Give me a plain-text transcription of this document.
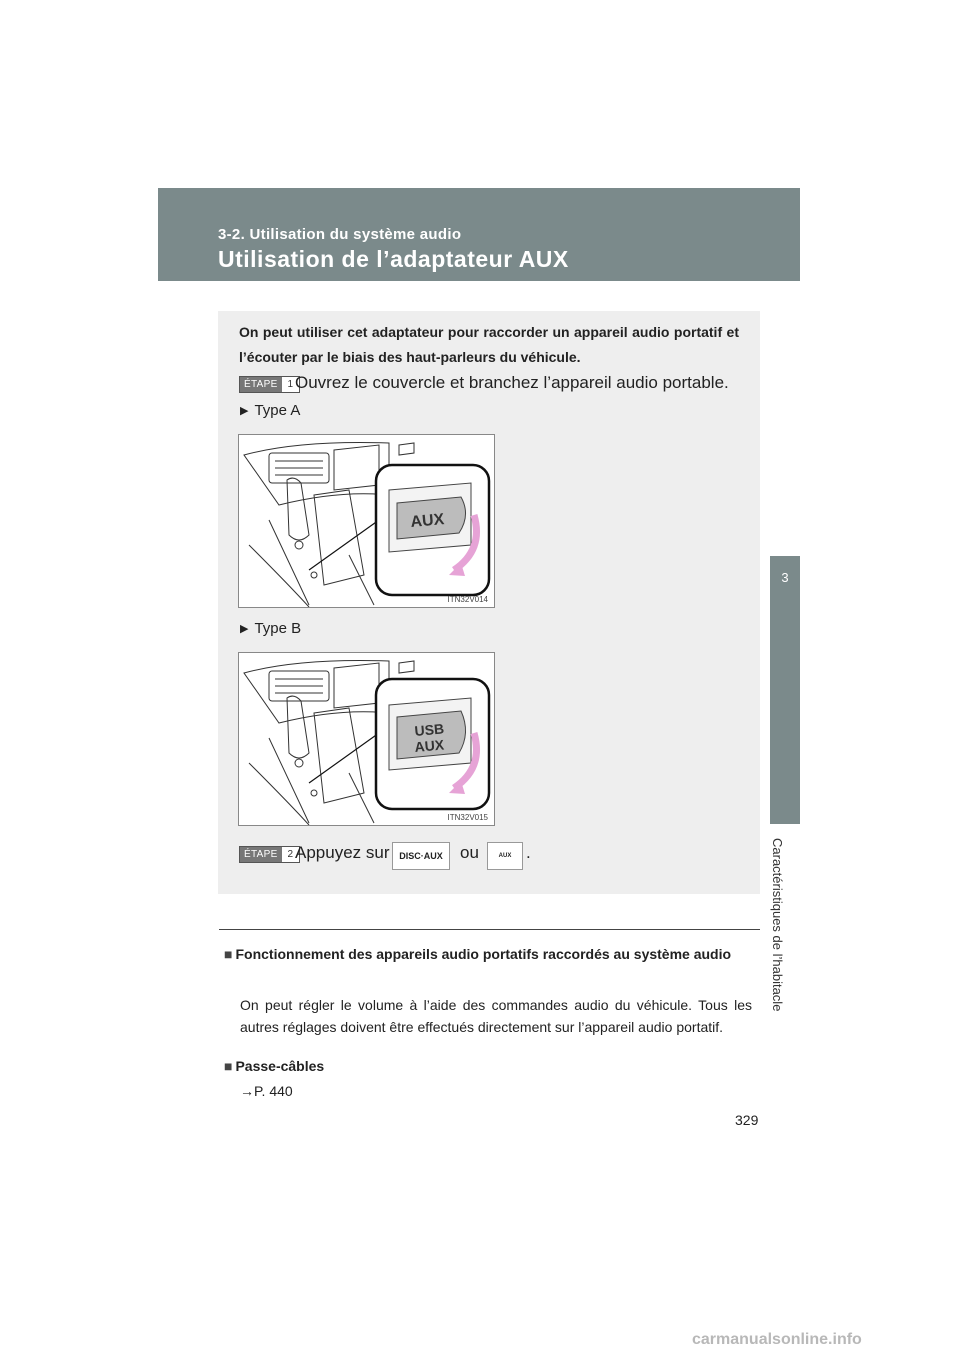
3-2. Utilisation du système audio
Utilisation de l’adaptateur AUX
3
Caractéristiques de l’habitacle
On peut utiliser cet adaptateur pour raccorder un appareil audio portatif et l’écouter par le biais des haut-parleurs du véhicule.
ÉTAPE	1 Ouvrez le couvercle et branchez l’appareil audio portable.
▶ Type A
AUX
ITN32V014
▶ Type B
USB
AUX
ITN32V015
ÉTAPE	2 Appuyez sur DISC·AUX ou	AUX .
■ Fonctionnement des appareils audio portatifs raccordés au système audio
On peut régler le volume à l’aide des commandes audio du véhicule. Tous les autres réglages doivent être effectués directement sur l’appareil audio portatif.
■ Passe-câbles
→P. 440
329
carmanualsonline.info
